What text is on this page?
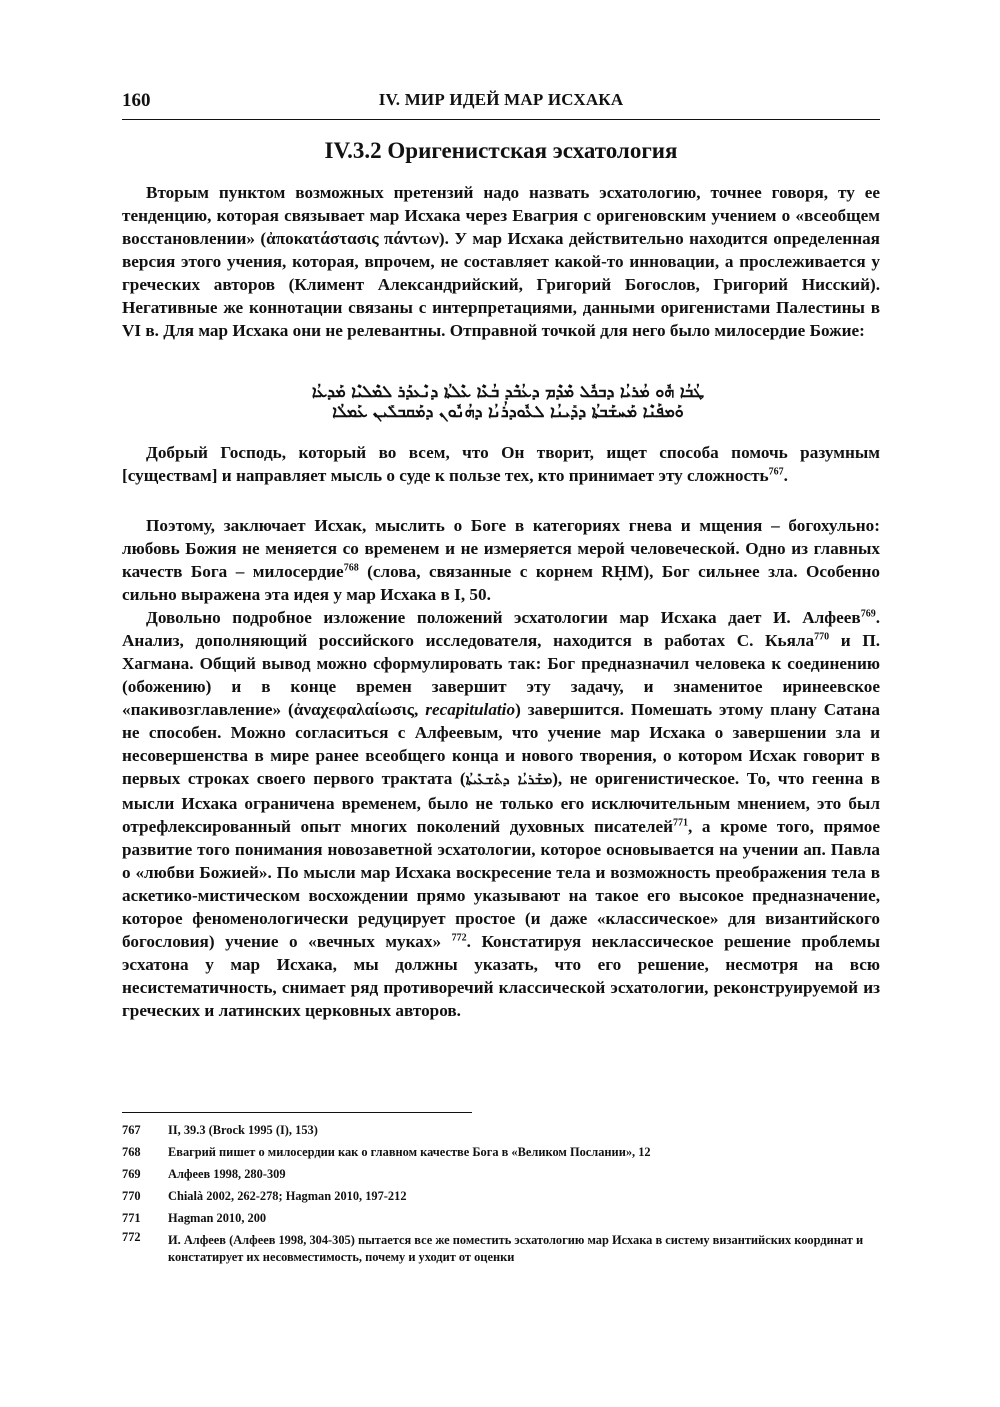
160	IV. МИР ИДЕЙ МАР ИСХАКА
IV.3.2 Оригенистская эсхатология

Вторым пунктом возможных претензий надо назвать эсхатологию, точнее говоря, ту ее тенденцию, которая связывает мар Исхака через Евагрия с оригеновским учением о «всеобщем восстановлении» (ἀποκατάστασις πάντων). У мар Исхака действительно находится определенная версия этого учения, которая, впрочем, не составляет какой-то инновации, а прослеживается у греческих авторов (Климент Александрийский, Григорий Богослов, Григорий Нисский). Негативные же коннотации связаны с интерпретациями, данными оригенистами Палестины в VI в. Для мар Исхака они не релевантны. Отправной точкой для него было милосердие Божие:

ܛܳܒܳܐ ܗܽܘ ܡܳܪܝܳܐ ܕܒܟܽܠ ܡܶܕܶܡ ܕܥܳܒܶܕ ܒܳܥܶܐ ܥܶܠܬܳܐ ܕܢܶܥܕܰܪ ܠܡܶܠܝܶܐ ܡܰܕܥܳܐ
ܘܰܡܦܰܢܶܐ ܡܰܚܫܰܒܬܳܐ ܕܕܺܝܢܳܐ ܠܥܽܘܕܪܳܢܳܐ ܕܗܳܢܽܘܢ ܕܡܰܩܒܠܺܝܢ ܥܰܡܠܳܐ

Добрый Господь, который во всем, что Он творит, ищет способа помочь разумным [существам] и направляет мысль о суде к пользе тех, кто принимает эту сложность$^{767}$.

Поэтому, заключает Исхак, мыслить о Боге в категориях гнева и мщения – богохульно: любовь Божия не меняется со временем и не измеряется мерой человеческой. Одно из главных качеств Бога – милосердие$^{768}$ (слова, связанные с корнем RḤM), Бог сильнее зла. Особенно сильно выражена эта идея у мар Исхака в I, 50.

Довольно подробное изложение положений эсхатологии мар Исхака дает И. Алфеев$^{769}$. Анализ, дополняющий российского исследователя, находится в работах С. Кьяла$^{770}$ и П. Хагмана. Общий вывод можно сформулировать так: Бог предназначил человека к соединению (обожению) и в конце времен завершит эту задачу, и знаменитое иринеевское «пакивозглавление» (ἀναχεφαλαίωσις, recapitulatio) завершится. Помешать этому плану Сатана не способен. Можно согласиться с Алфеевым, что учение мар Исхака о завершении зла и несовершенства в мире ранее всеобщего конца и нового творения, о котором Исхак говорит в первых строках своего первого трактата (ܡܫܰܪܝܳܐ ܕܬܰܫܥܺܝܬܳܐ), не оригенистическое. То, что геенна в мысли Исхака ограничена временем, было не только его исключительным мнением, это был отрефлексированный опыт многих поколений духовных писателей$^{771}$, а кроме того, прямое развитие того понимания новозаветной эсхатологии, которое основывается на учении ап. Павла о «любви Божией». По мысли мар Исхака воскресение тела и возможность преображения тела в аскетико-мистическом восхождении прямо указывают на такое его высокое предназначение, которое феноменологически редуцирует простое (и даже «классическое» для византийского богословия) учение о «вечных муках» $^{772}$. Констатируя неклассическое решение проблемы эсхатона у мар Исхака, мы должны указать, что его решение, несмотря на всю несистематичность, снимает ряд противоречий классической эсхатологии, реконструируемой из греческих и латинских церковных авторов.

767 II, 39.3 (Brock 1995 (I), 153)
768 Евагрий пишет о милосердии как о главном качестве Бога в «Великом Послании», 12
769 Алфеев 1998, 280-309
770 Chialà 2002, 262-278; Hagman 2010, 197-212
771 Hagman 2010, 200
772 И. Алфеев (Алфеев 1998, 304-305) пытается все же поместить эсхатологию мар Исхака в систему византийских координат и констатирует их несовместимость, почему и уходит от оценки
